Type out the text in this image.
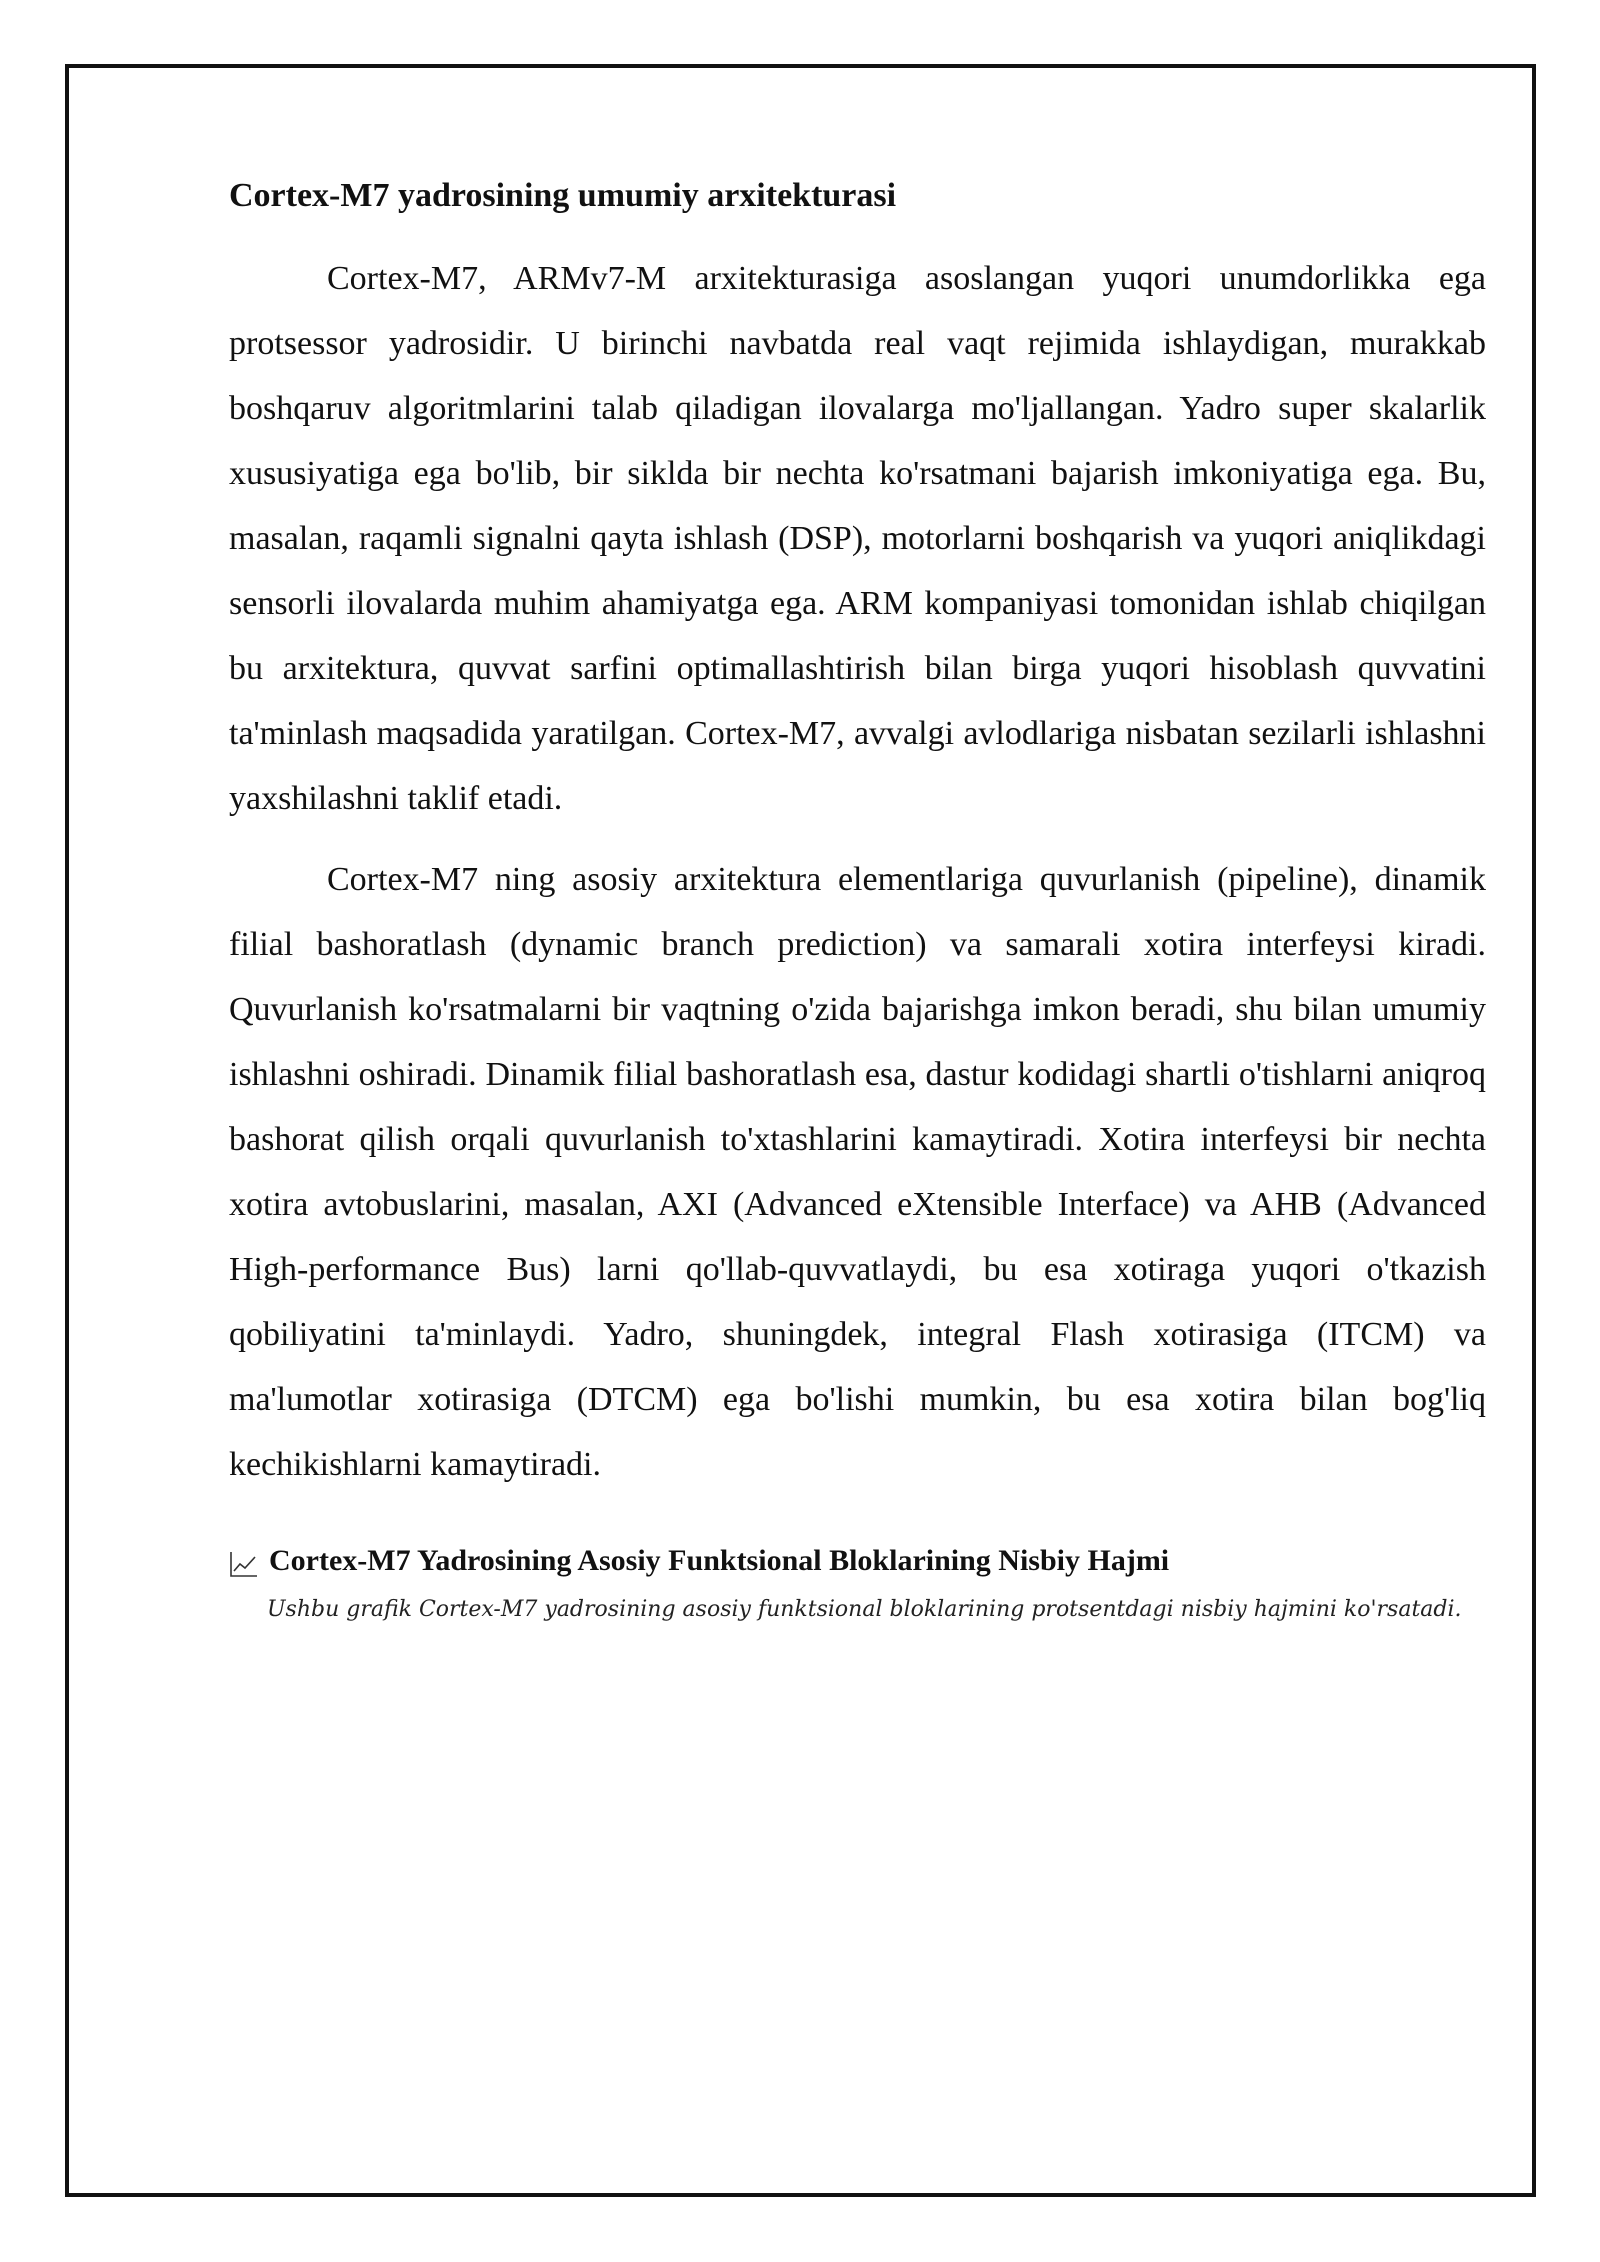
Cortex-M7 yadrosining umumiy arxitekturasi

Cortex-M7, ARMv7-M arxitekturasiga asoslangan yuqori unumdorlikka ega protsessor yadrosidir. U birinchi navbatda real vaqt rejimida ishlaydigan, murakkab boshqaruv algoritmlarini talab qiladigan ilovalarga mo'ljallangan. Yadro super skalarlik xususiyatiga ega bo'lib, bir siklda bir nechta ko'rsatmani bajarish imkoniyatiga ega. Bu, masalan, raqamli signalni qayta ishlash (DSP), motorlarni boshqarish va yuqori aniqlikdagi sensorli ilovalarda muhim ahamiyatga ega. ARM kompaniyasi tomonidan ishlab chiqilgan bu arxitektura, quvvat sarfini optimallashtirish bilan birga yuqori hisoblash quvvatini ta'minlash maqsadida yaratilgan. Cortex-M7, avvalgi avlodlariga nisbatan sezilarli ishlashni yaxshilashni taklif etadi.

Cortex-M7 ning asosiy arxitektura elementlariga quvurlanish (pipeline), dinamik filial bashoratlash (dynamic branch prediction) va samarali xotira interfeysi kiradi. Quvurlanish ko'rsatmalarni bir vaqtning o'zida bajarishga imkon beradi, shu bilan umumiy ishlashni oshiradi. Dinamik filial bashoratlash esa, dastur kodidagi shartli o'tishlarni aniqroq bashorat qilish orqali quvurlanish to'xtashlarini kamaytiradi. Xotira interfeysi bir nechta xotira avtobuslarini, masalan, AXI (Advanced eXtensible Interface) va AHB (Advanced High-performance Bus) larni qo'llab-quvvatlaydi, bu esa xotiraga yuqori o'tkazish qobiliyatini ta'minlaydi. Yadro, shuningdek, integral Flash xotirasiga (ITCM) va ma'lumotlar xotirasiga (DTCM) ega bo'lishi mumkin, bu esa xotira bilan bog'liq kechikishlarni kamaytiradi.

Cortex-M7 Yadrosining Asosiy Funktsional Bloklarining Nisbiy Hajmi
Ushbu grafik Cortex-M7 yadrosining asosiy funktsional bloklarining protsentdagi nisbiy hajmini ko'rsatadi.
